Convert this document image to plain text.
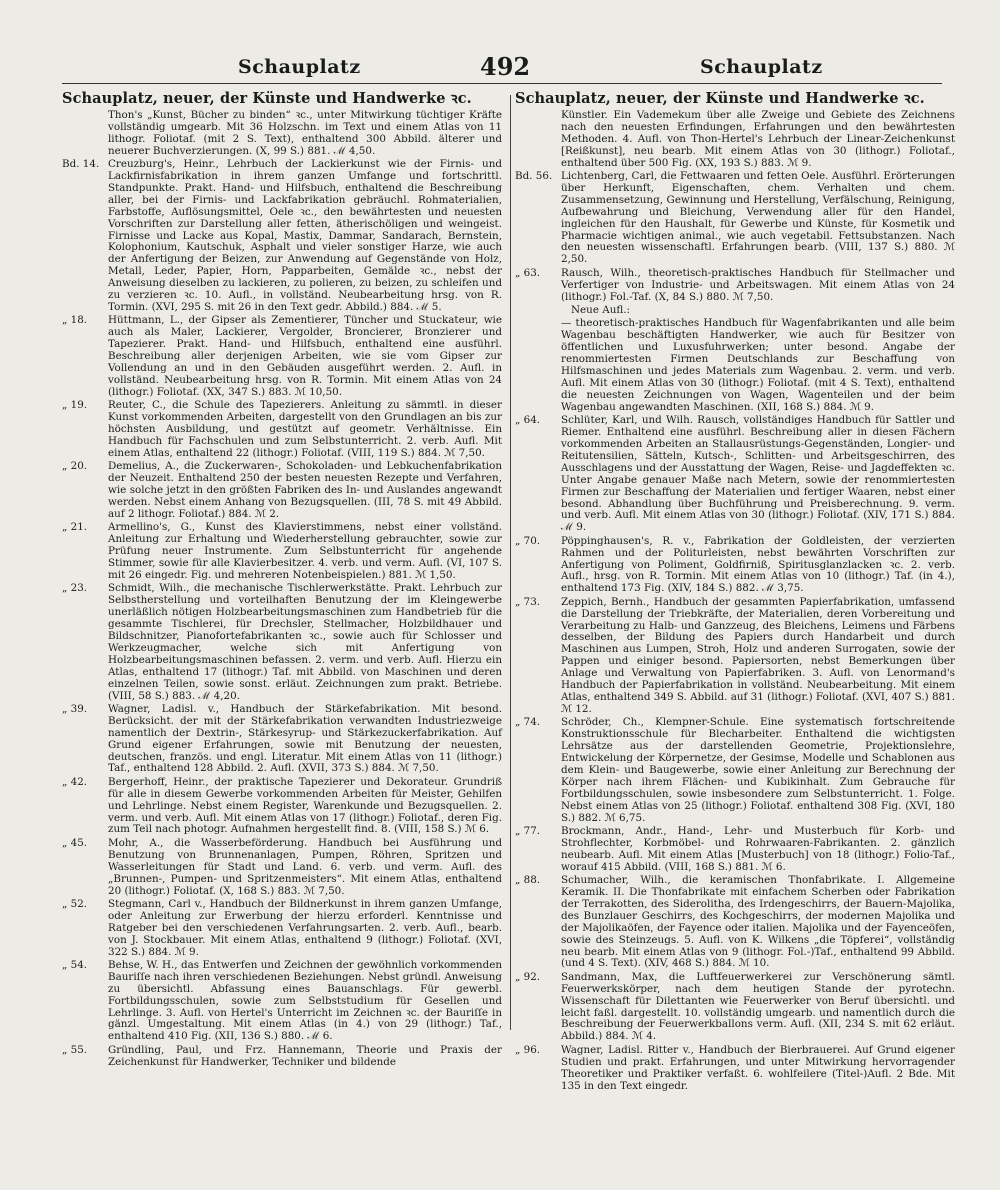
Schauplatz	492	Schauplatz
Schauplatz, neuer, der Künste und Handwerke ꝛc.
Thon's „Kunst, Bücher zu binden“ ꝛc., unter Mitwirkung tüchtiger Kräfte vollständig umgearb. Mit 36 Holzschn. im Text und einem Atlas von 11 lithogr. Foliotaf. (mit 2 S. Text), enthaltend 300 Abbild. älterer und neuerer Buchverzierungen. (X, 99 S.) 881. ℳ 4,50.
Bd. 14. Creuzburg's, Heinr., Lehrbuch der Lackierkunst wie der Firnis- und Lackfirnisfabrikation in ihrem ganzen Umfange und fortschrittl. Standpunkte. Prakt. Hand- und Hilfsbuch, enthaltend die Beschreibung aller, bei der Firnis- und Lackfabrikation gebräuchl. Rohmaterialien, Farbstoffe, Auflösungsmittel, Oele ꝛc., den bewährtesten und neuesten Vorschriften zur Darstellung aller fetten, ätherischöligen und weingeist. Firnisse und Lacke aus Kopal, Mastix, Dammar, Sandarach, Bernstein, Kolophonium, Kautschuk, Asphalt und vieler sonstiger Harze, wie auch der Anfertigung der Beizen, zur Anwendung auf Gegenstände von Holz, Metall, Leder, Papier, Horn, Papparbeiten, Gemälde ꝛc., nebst der Anweisung dieselben zu lackieren, zu polieren, zu beizen, zu schleifen und zu verzieren ꝛc. 10. Aufl., in vollständ. Neubearbeitung hrsg. von R. Tormin. (XVI, 295 S. mit 26 in den Text gedr. Abbild.) 884. ℳ 5.
„ 18.	Hüttmann, L., der Gipser als Zementierer, Tüncher und Stuckateur, wie auch als Maler, Lackierer, Vergolder, Broncierer, Bronzierer und Tapezierer. Prakt. Hand- und Hilfsbuch, enthaltend eine ausführl. Beschreibung aller derjenigen Arbeiten, wie sie vom Gipser zur Vollendung an und in den Gebäuden ausgeführt werden. 2. Aufl. in vollständ. Neubearbeitung hrsg. von R. Tormin. Mit einem Atlas von 24 (lithogr.) Foliotaf. (XX, 347 S.) 883. ℳ 10,50.
„ 19.	Reuter, C., die Schule des Tapezierers. Anleitung zu sämmtl. in dieser Kunst vorkommenden Arbeiten, dargestellt von den Grundlagen an bis zur höchsten Ausbildung, und gestützt auf geometr. Verhältnisse. Ein Handbuch für Fachschulen und zum Selbstunterricht. 2. verb. Aufl. Mit einem Atlas, enthaltend 22 (lithogr.) Foliotaf. (VIII, 119 S.) 884. ℳ 7,50.
„ 20.	Demelius, A., die Zuckerwaren-, Schokoladen- und Lebkuchenfabrikation der Neuzeit. Enthaltend 250 der besten neuesten Rezepte und Verfahren, wie solche jetzt in den größten Fabriken des In- und Auslandes angewandt werden. Nebst einem Anhang von Bezugsquellen. (III, 78 S. mit 49 Abbild. auf 2 lithogr. Foliotaf.) 884. ℳ 2.
„ 21.	Armellino's, G., Kunst des Klavierstimmens, nebst einer vollständ. Anleitung zur Erhaltung und Wiederherstellung gebrauchter, sowie zur Prüfung neuer Instrumente. Zum Selbstunterricht für angehende Stimmer, sowie für alle Klavierbesitzer. 4. verb. und verm. Aufl. (VI, 107 S. mit 26 eingedr. Fig. und mehreren Notenbeispielen.) 881. ℳ 1,50.
„ 23.	Schmidt, Wilh., die mechanische Tischlerwerkstätte. Prakt. Lehrbuch zur Selbstherstellung und vorteilhaften Benutzung der im Kleingewerbe unerläßlich nötigen Holzbearbeitungsmaschinen zum Handbetrieb für die gesammte Tischlerei, für Drechsler, Stellmacher, Holzbildhauer und Bildschnitzer, Pianofortefabrikanten ꝛc., sowie auch für Schlosser und Werkzeugmacher, welche sich mit Anfertigung von Holzbearbeitungsmaschinen befassen. 2. verm. und verb. Aufl. Hierzu ein Atlas, enthaltend 17 (lithogr.) Taf. mit Abbild. von Maschinen und deren einzelnen Teilen, sowie sonst. erläut. Zeichnungen zum prakt. Betriebe. (VIII, 58 S.) 883. ℳ 4,20.
„ 39.	Wagner, Ladisl. v., Handbuch der Stärkefabrikation. Mit besond. Berücksicht. der mit der Stärkefabrikation verwandten Industriezweige namentlich der Dextrin-, Stärkesyrup- und Stärkezuckerfabrikation. Auf Grund eigener Erfahrungen, sowie mit Benutzung der neuesten, deutschen, französ. und engl. Literatur. Mit einem Atlas von 11 (lithogr.) Taf., enthaltend 128 Abbild. 2. Aufl. (XVII, 373 S.) 884. ℳ 7,50.
„ 42.	Bergerhoff, Heinr., der praktische Tapezierer und Dekorateur. Grundriß für alle in diesem Gewerbe vorkommenden Arbeiten für Meister, Gehilfen und Lehrlinge. Nebst einem Register, Warenkunde und Bezugsquellen. 2. verm. und verb. Aufl. Mit einem Atlas von 17 (lithogr.) Foliotaf., deren Fig. zum Teil nach photogr. Aufnahmen hergestellt find. 8. (VIII, 158 S.) ℳ 6.
„ 45.	Mohr, A., die Wasserbeförderung. Handbuch bei Ausführung und Benutzung von Brunnenanlagen, Pumpen, Röhren, Spritzen und Wasserleitungen für Stadt und Land. 6. verb. und verm. Aufl. des „Brunnen-, Pumpen- und Spritzenmeisters“. Mit einem Atlas, enthaltend 20 (lithogr.) Foliotaf. (X, 168 S.) 883. ℳ 7,50.
„ 52.	Stegmann, Carl v., Handbuch der Bildnerkunst in ihrem ganzen Umfange, oder Anleitung zur Erwerbung der hierzu erforderl. Kenntnisse und Ratgeber bei den verschiedenen Verfahrungsarten. 2. verb. Aufl., bearb. von J. Stockbauer. Mit einem Atlas, enthaltend 9 (lithogr.) Foliotaf. (XVI, 322 S.) 884. ℳ 9.
„ 54.	Behse, W. H., das Entwerfen und Zeichnen der gewöhnlich vorkommenden Bauriſſe nach ihren verschiedenen Beziehungen. Nebst gründl. Anweisung zu übersichtl. Abfassung eines Bauanschlags. Für gewerbl. Fortbildungsschulen, sowie zum Selbststudium für Gesellen und Lehrlinge. 3. Aufl. von Hertel's Unterricht im Zeichnen ꝛc. der Bauriſſe in gänzl. Umgestaltung. Mit einem Atlas (in 4.) von 29 (lithogr.) Taf., enthaltend 410 Fig. (XII, 136 S.) 880. ℳ 6.
„ 55.	Gründling, Paul, und Frz. Hannemann, Theorie und Praxis der Zeichenkunst für Handwerker, Techniker und bildende
Schauplatz, neuer, der Künste und Handwerke ꝛc.
Künstler. Ein Vademekum über alle Zweige und Gebiete des Zeichnens nach den neuesten Erfindungen, Erfahrungen und den bewährtesten Methoden. 4. Aufl. von Thon-Hertel's Lehrbuch der Linear-Zeichenkunst [Reißkunst], neu bearb. Mit einem Atlas von 30 (lithogr.) Foliotaf., enthaltend über 500 Fig. (XX, 193 S.) 883. ℳ 9.
Bd. 56. Lichtenberg, Carl, die Fettwaaren und fetten Oele. Ausführl. Erörterungen über Herkunft, Eigenschaften, chem. Verhalten und chem. Zusammensetzung, Gewinnung und Herstellung, Verfälschung, Reinigung, Aufbewahrung und Bleichung, Verwendung aller für den Handel, ingleichen für den Haushalt, für Gewerbe und Künste, für Kosmetik und Pharmacie wichtigen animal., wie auch vegetabil. Fettsubstanzen. Nach den neuesten wissenschaftl. Erfahrungen bearb. (VIII, 137 S.) 880. ℳ 2,50.
„ 63.	Rausch, Wilh., theoretisch-praktisches Handbuch für Stellmacher und Verfertiger von Industrie- und Arbeitswagen. Mit einem Atlas von 24 (lithogr.) Fol.-Taf. (X, 84 S.) 880. ℳ 7,50.
Neue Aufl.:
— theoretisch-praktisches Handbuch für Wagenfabrikanten und alle beim Wagenbau beschäftigten Handwerker, wie auch für Besitzer von öffentlichen und Luxusfuhrwerken; unter besond. Angabe der renommiertesten Firmen Deutschlands zur Beschaffung von Hilfsmaschinen und jedes Materials zum Wagenbau. 2. verm. und verb. Aufl. Mit einem Atlas von 30 (lithogr.) Foliotaf. (mit 4 S. Text), enthaltend die neuesten Zeichnungen von Wagen, Wagenteilen und der beim Wagenbau angewandten Maschinen. (XII, 168 S.) 884. ℳ 9.
„ 64.	Schlüter, Karl, und Wilh. Rausch, vollständiges Handbuch für Sattler und Riemer. Enthaltend eine ausführl. Beschreibung aller in diesen Fächern vorkommenden Arbeiten an Stallausrüstungs-Gegenständen, Longier- und Reitutensilien, Sätteln, Kutsch-, Schlitten- und Arbeitsgeschirren, des Ausschlagens und der Ausstattung der Wagen, Reise- und Jagdeffekten ꝛc. Unter Angabe genauer Maße nach Metern, sowie der renommiertesten Firmen zur Beschaffung der Materialien und fertiger Waaren, nebst einer besond. Abhandlung über Buchführung und Preisberechnung. 9. verm. und verb. Aufl. Mit einem Atlas von 30 (lithogr.) Foliotaf. (XIV, 171 S.) 884. ℳ 9.
„ 70.	Pöppinghausen's, R. v., Fabrikation der Goldleisten, der verzierten Rahmen und der Politurleisten, nebst bewährten Vorschriften zur Anfertigung von Poliment, Goldfirniß, Spiritusglanzlacken ꝛc. 2. verb. Aufl., hrsg. von R. Tormin. Mit einem Atlas von 10 (lithogr.) Taf. (in 4.), enthaltend 173 Fig. (XIV, 184 S.) 882. ℳ 3,75.
„ 73.	Zeppich, Bernh., Handbuch der gesammten Papierfabrikation, umfassend die Darstellung der Triebkräfte, der Materialien, deren Vorbereitung und Verarbeitung zu Halb- und Ganzzeug, des Bleichens, Leimens und Färbens desselben, der Bildung des Papiers durch Handarbeit und durch Maschinen aus Lumpen, Stroh, Holz und anderen Surrogaten, sowie der Pappen und einiger besond. Papiersorten, nebst Bemerkungen über Anlage und Verwaltung von Papierfabriken. 3. Aufl. von Lenormand's Handbuch der Papierfabrikation in vollständ. Neubearbeitung. Mit einem Atlas, enthaltend 349 S. Abbild. auf 31 (lithogr.) Foliotaf. (XVI, 407 S.) 881. ℳ 12.
„ 74.	Schröder, Ch., Klempner-Schule. Eine systematisch fortschreitende Konstruktionsschule für Blecharbeiter. Enthaltend die wichtigsten Lehrsätze aus der darstellenden Geometrie, Projektionslehre, Entwickelung der Körpernetze, der Gesimse, Modelle und Schablonen aus dem Klein- und Baugewerbe, sowie einer Anleitung zur Berechnung der Körper nach ihrem Flächen- und Kubikinhalt. Zum Gebrauche für Fortbildungsschulen, sowie insbesondere zum Selbstunterricht. 1. Folge. Nebst einem Atlas von 25 (lithogr.) Foliotaf. enthaltend 308 Fig. (XVI, 180 S.) 882. ℳ 6,75.
„ 77.	Brockmann, Andr., Hand-, Lehr- und Musterbuch für Korb- und Strohflechter, Korbmöbel- und Rohrwaaren-Fabrikanten. 2. gänzlich neubearb. Aufl. Mit einem Atlas [Musterbuch] von 18 (lithogr.) Folio-Taf., worauf 415 Abbild. (VIII, 168 S.) 881. ℳ 6.
„ 88.	Schumacher, Wilh., die keramischen Thonfabrikate. I. Allgemeine Keramik. II. Die Thonfabrikate mit einfachem Scherben oder Fabrikation der Terrakotten, des Siderolitha, des Irdengeschirrs, der Bauern-Majolika, des Bunzlauer Geschirrs, des Kochgeschirrs, der modernen Majolika und der Majolikaöfen, der Fayence oder italien. Majolika und der Fayenceöfen, sowie des Steinzeugs. 5. Aufl. von K. Wilkens „die Töpferei“, vollständig neu bearb. Mit einem Atlas von 9 (lithogr. Fol.-)Taf., enthaltend 99 Abbild. (und 4 S. Text). (XIV, 468 S.) 884. ℳ 10.
„ 92.	Sandmann, Max, die Luftfeuerwerkerei zur Verschönerung sämtl. Feuerwerkskörper, nach dem heutigen Stande der pyrotechn. Wissenschaft für Dilettanten wie Feuerwerker von Beruf übersichtl. und leicht faßl. dargestellt. 10. vollständig umgearb. und namentlich durch die Beschreibung der Feuerwerkballons verm. Aufl. (XII, 234 S. mit 62 erläut. Abbild.) 884. ℳ 4.
„ 96.	Wagner, Ladisl. Ritter v., Handbuch der Bierbrauerei. Auf Grund eigener Studien und prakt. Erfahrungen, und unter Mitwirkung hervorragender Theoretiker und Praktiker verfaßt. 6. wohlfeilere (Titel-)Aufl. 2 Bde. Mit 135 in den Text eingedr.
